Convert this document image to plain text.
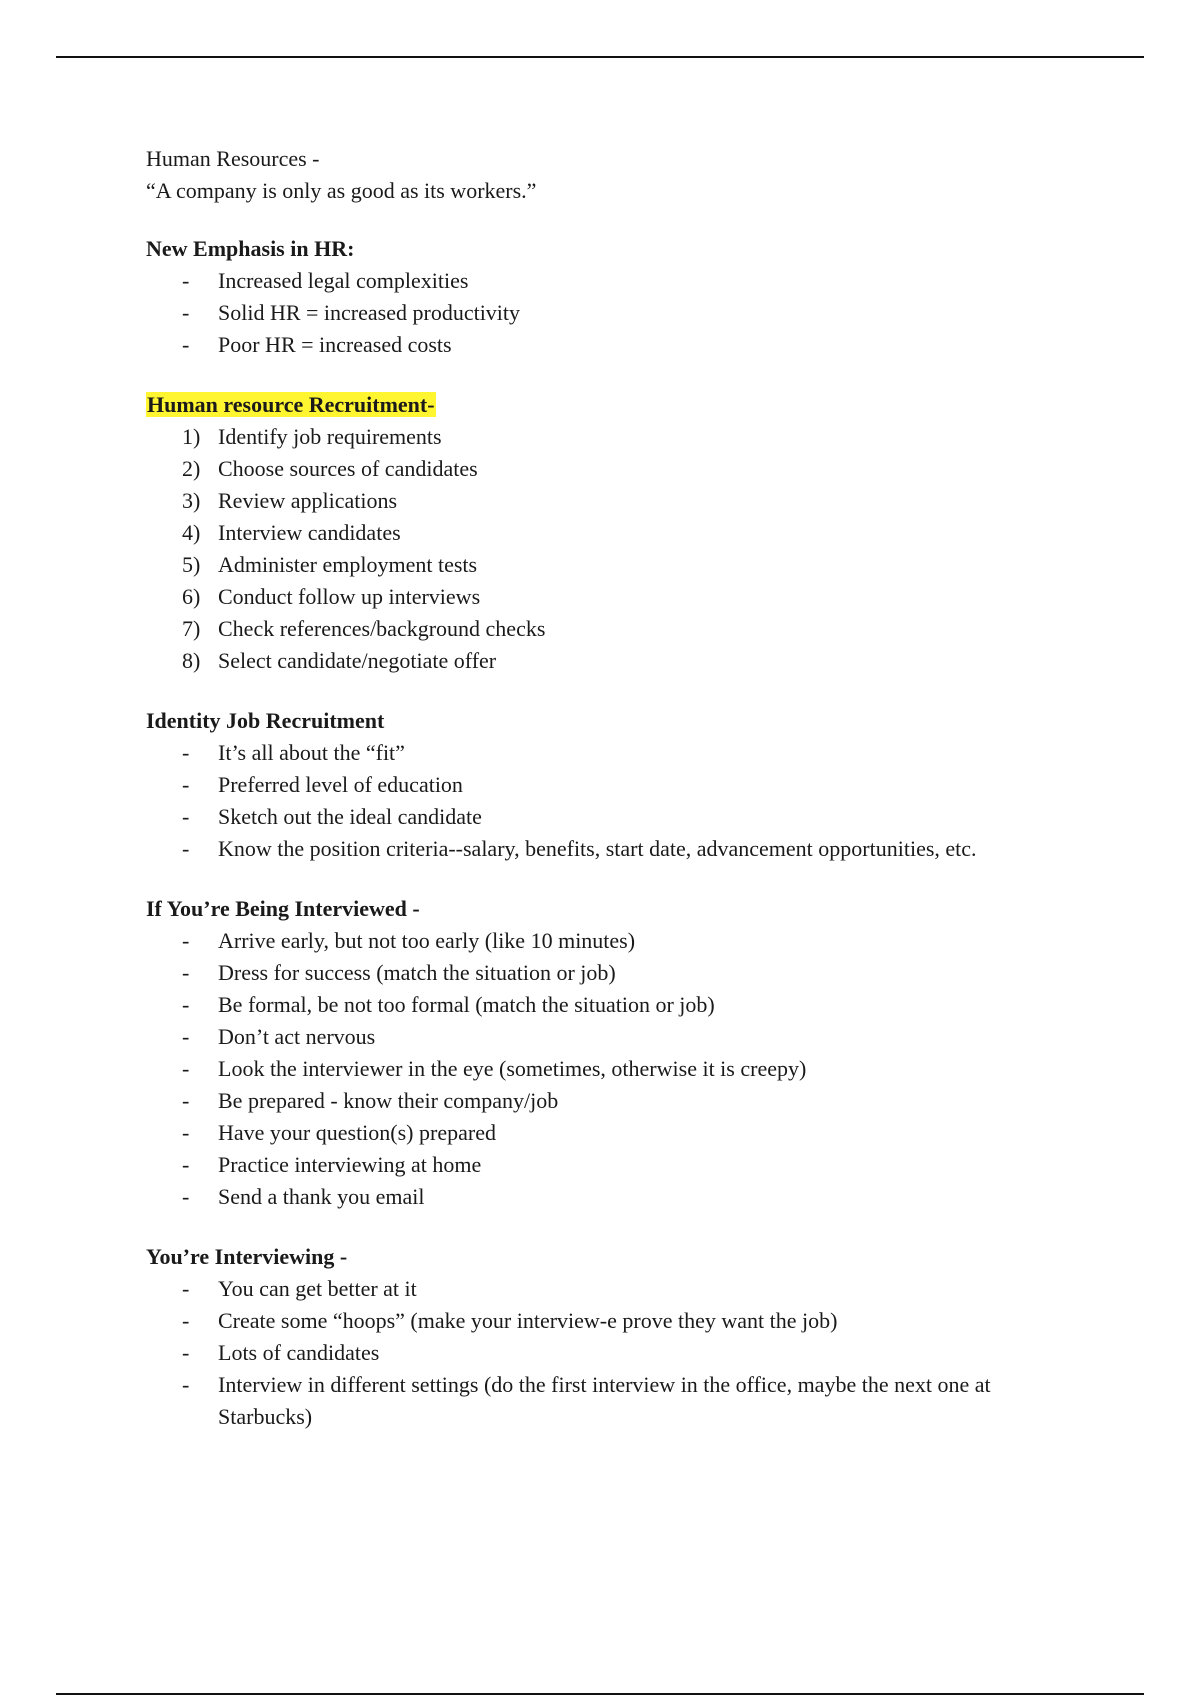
Human Resources -

“A company is only as good as its workers.”

New Emphasis in HR:

-	Increased legal complexities
-	Solid HR = increased productivity
-	Poor HR = increased costs

Human resource Recruitment-

1) Identify job requirements
2) Choose sources of candidates
3) Review applications
4) Interview candidates
5) Administer employment tests
6) Conduct follow up interviews
7) Check references/background checks
8) Select candidate/negotiate offer

Identity Job Recruitment

-	It’s all about the “fit”
-	Preferred level of education
-	Sketch out the ideal candidate
-	Know the position criteria--salary, benefits, start date, advancement opportunities, etc.

If You’re Being Interviewed -

-	Arrive early, but not too early (like 10 minutes)
-	Dress for success (match the situation or job)
-	Be formal, be not too formal (match the situation or job)
-	Don’t act nervous
-	Look the interviewer in the eye (sometimes, otherwise it is creepy)
-	Be prepared - know their company/job
-	Have your question(s) prepared
-	Practice interviewing at home
-	Send a thank you email

You’re Interviewing -

-	You can get better at it
-	Create some “hoops” (make your interview-e prove they want the job)
-	Lots of candidates
-	Interview in different settings (do the first interview in the office, maybe the next one at Starbucks)
